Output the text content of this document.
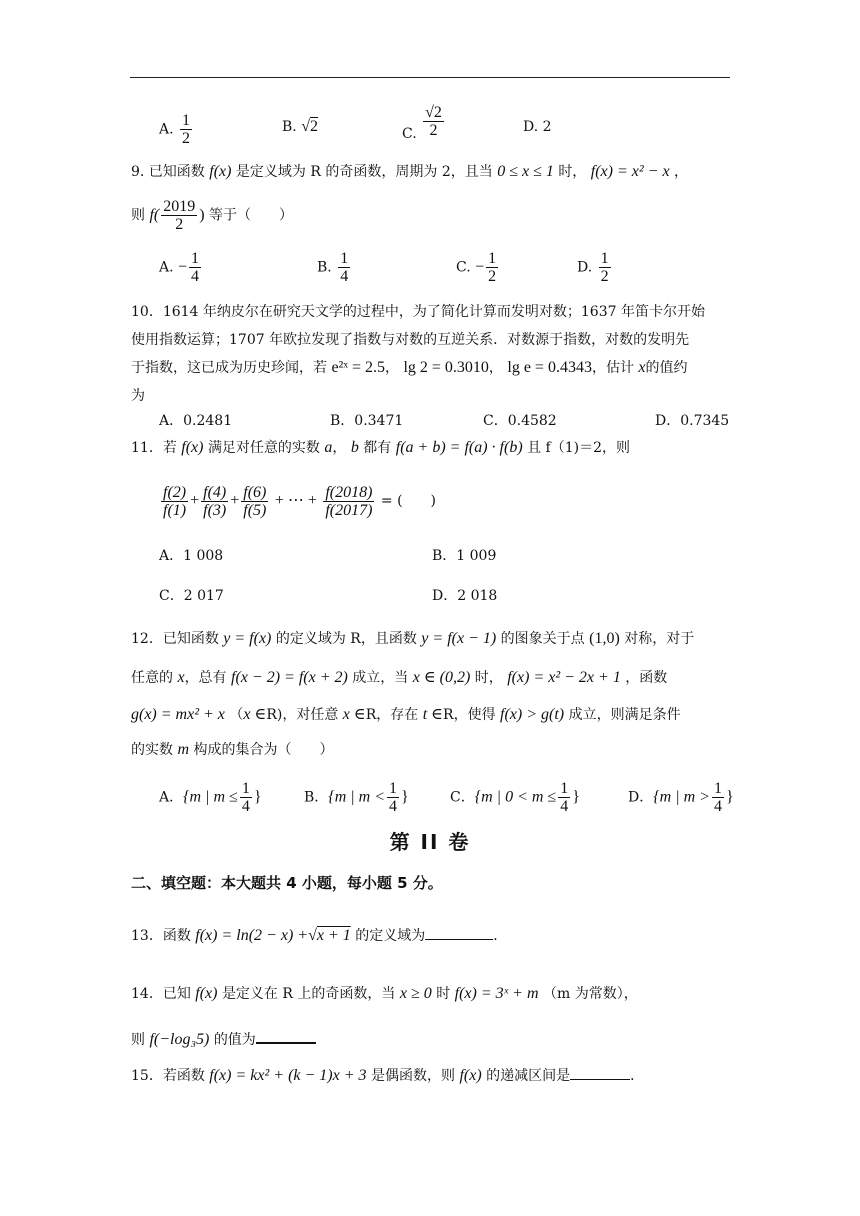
A. $\frac{1}{2}$	B. √2	C. $\frac{√2}{2}$	D. 2
9. 已知函数 f(x) 是定义域为 R 的奇函数，周期为 2，且当 0 ≤ x ≤ 1 时， f(x) = x² − x ，
则 $f( \frac{2019}{2}$ ) 等于（　　）
A. − $\frac{1}{4}$	B. $\frac{1}{4}$	C. − $\frac{1}{2}$	D. $\frac{1}{2}$
10．1614 年纳皮尔在研究天文学的过程中，为了简化计算而发明对数；1637 年笛卡尔开始
使用指数运算；1707 年欧拉发现了指数与对数的互逆关系．对数源于指数，对数的发明先
于指数，这已成为历史珍闻，若 e²ˣ = 2.5， lg 2 = 0.3010， lg e = 0.4343，估计 x的值约
为
A．0.2481	B．0.3471	C．0.4582	D．0.7345
11．若 f(x) 满足对任意的实数 a， b 都有 f(a + b) = f(a) · f(b) 且 f（1)＝2，则
$\frac{f(2)}{f(1)} + \frac{f(4)}{f(3)} + \frac{f(6)}{f(5)}$ + ⋯ + $\frac{f(2018)}{f(2017)}$ = (　　)
A．1 008	B．1 009
C．2 017	D．2 018
12．已知函数 y = f(x) 的定义域为 R，且函数 y = f(x − 1) 的图象关于点 (1,0) 对称，对于
任意的 x，总有 f(x − 2) = f(x + 2) 成立，当 x ∈ (0,2) 时， f(x) = x² − 2x + 1 ，函数
g(x) = mx² + x （x ∈R)，对任意 x ∈R，存在 t ∈R，使得 f(x) > g(t) 成立，则满足条件
的实数 m 构成的集合为（　　）
A．{m | $m \le \frac{1}{4}$ }	B．{m | $m < \frac{1}{4}$ }	C．{m | $0 < m \le \frac{1}{4}$ }	D．{m | $m > \frac{1}{4}$ }
第 II 卷
二、填空题：本大题共 4 小题，每小题 5 分。
13．函数 f(x) = ln(2 − x) +√x + 1 的定义域为	．
14．已知 f(x) 是定义在 R 上的奇函数，当 x ≥ 0 时 f(x) = 3ˣ + m （m 为常数），
则 f(−log₃5) 的值为
15．若函数 f(x) = kx² + (k − 1)x + 3 是偶函数，则 f(x) 的递减区间是	．
